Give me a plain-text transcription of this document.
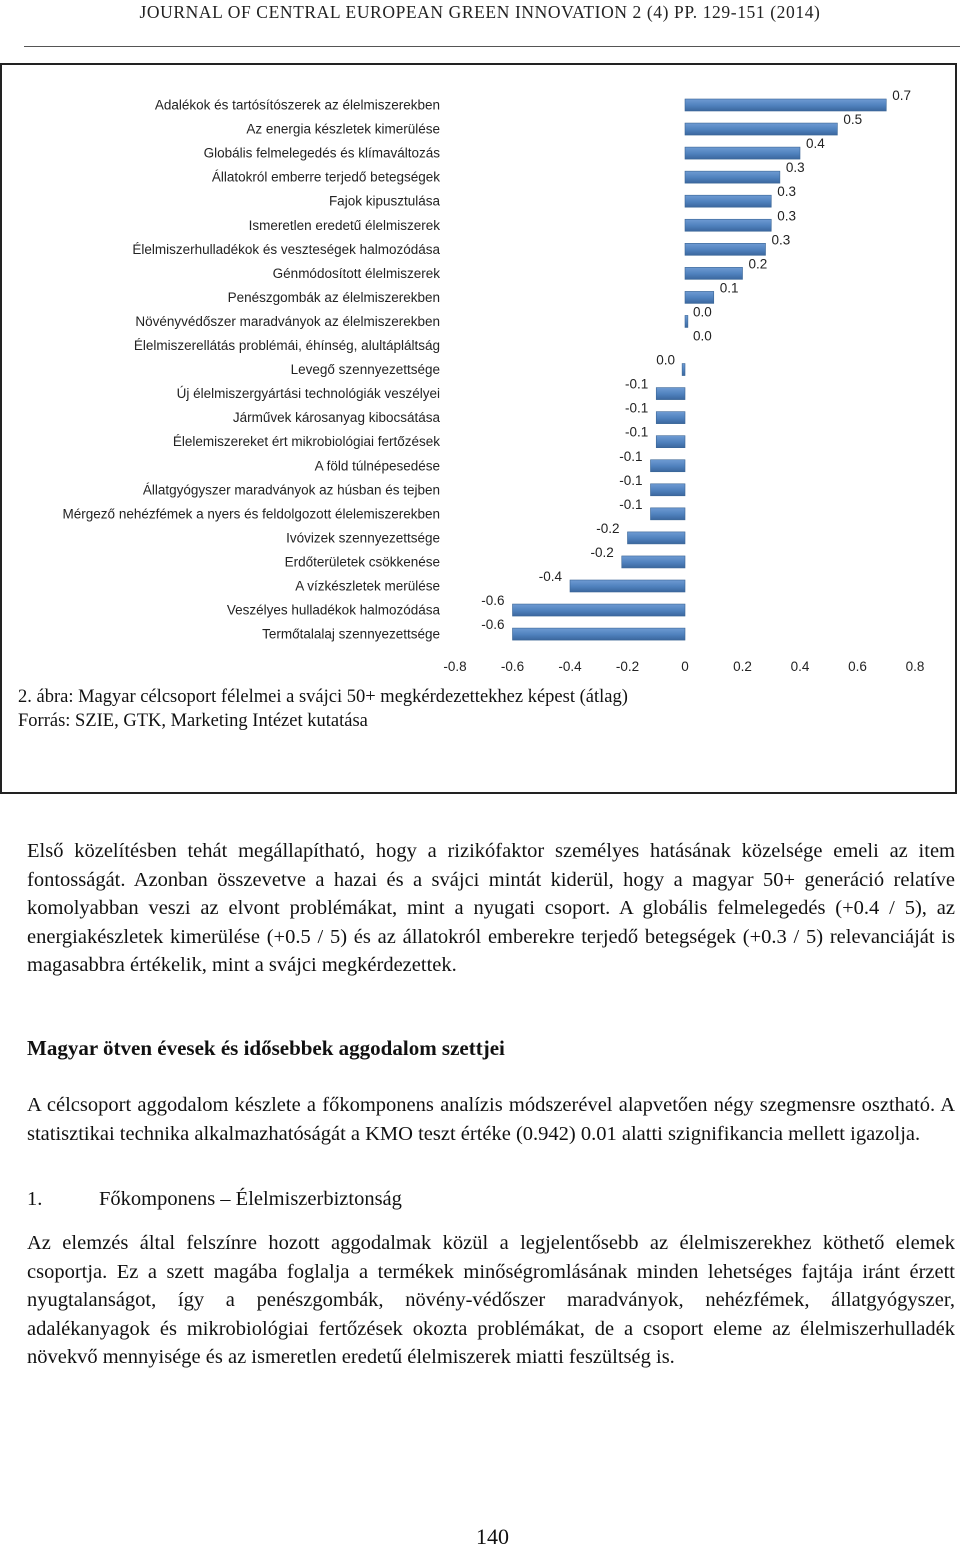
JOURNAL OF CENTRAL EUROPEAN GREEN INNOVATION 2 (4) PP. 129-151 (2014)
Adalékok és tartósítószerek az élelmiszerekben
0.7
Az energia készletek kimerülése
0.5
Globális felmelegedés és klímaváltozás
0.4
Állatokról emberre terjedő betegségek
0.3
Fajok kipusztulása
0.3
Ismeretlen eredetű élelmiszerek
0.3
Élelmiszerhulladékok és veszteségek halmozódása
0.3
Génmódosított élelmiszerek
0.2
Penészgombák az élelmiszerekben
0.1
Növényvédőszer maradványok az élelmiszerekben
0.0
Élelmiszerellátás problémái, éhínség, alultápláltság
0.0
Levegő szennyezettsége
0.0
Új élelmiszergyártási technológiák veszélyei
-0.1
Járművek károsanyag kibocsátása
-0.1
Élelemiszereket ért mikrobiológiai fertőzések
-0.1
A föld túlnépesedése
-0.1
Állatgyógyszer maradványok az húsban és tejben
-0.1
Mérgező nehézfémek a nyers és feldolgozott élelemiszerekben
-0.1
Ivóvizek szennyezettsége
-0.2
Erdőterületek csökkenése
-0.2
A vízkészletek merülése
-0.4
Veszélyes hulladékok halmozódása
-0.6
Termőtalalaj szennyezettsége
-0.6
-0.8	-0.6	-0.4	-0.2	0	0.2	0.4	0.6	0.8
2. ábra: Magyar célcsoport félelmei a svájci 50+ megkérdezettekhez képest (átlag)
Forrás: SZIE, GTK, Marketing Intézet kutatása
Első közelítésben tehát megállapítható, hogy a rizikófaktor személyes hatásának közelsége emeli az item fontosságát. Azonban összevetve a hazai és a svájci mintát kiderül, hogy a magyar 50+ generáció relatíve komolyabban veszi az elvont problémákat, mint a nyugati csoport. A globális felmelegedés (+0.4 / 5), az energiakészletek kimerülése (+0.5 / 5) és az állatokról emberekre terjedő betegségek (+0.3 / 5) relevanciáját is magasabbra értékelik, mint a svájci megkérdezettek.
Magyar ötven évesek és idősebbek aggodalom szettjei
A célcsoport aggodalom készlete a főkomponens analízis módszerével alapvetően négy szegmensre osztható. A statisztikai technika alkalmazhatóságát a KMO teszt értéke (0.942) 0.01 alatti szignifikancia mellett igazolja.
1.	Főkomponens – Élelmiszerbiztonság
Az elemzés által felszínre hozott aggodalmak közül a legjelentősebb az élelmiszerekhez köthető elemek csoportja. Ez a szett magába foglalja a termékek minőségromlásának minden lehetséges fajtája iránt érzett nyugtalanságot, így a penészgombák, növény-védőszer maradványok, nehézfémek, állatgyógyszer, adalékanyagok és mikrobiológiai fertőzések okozta problémákat, de a csoport eleme az élelmiszerhulladék növekvő mennyisége és az ismeretlen eredetű élelmiszerek miatti feszültség is.
140
